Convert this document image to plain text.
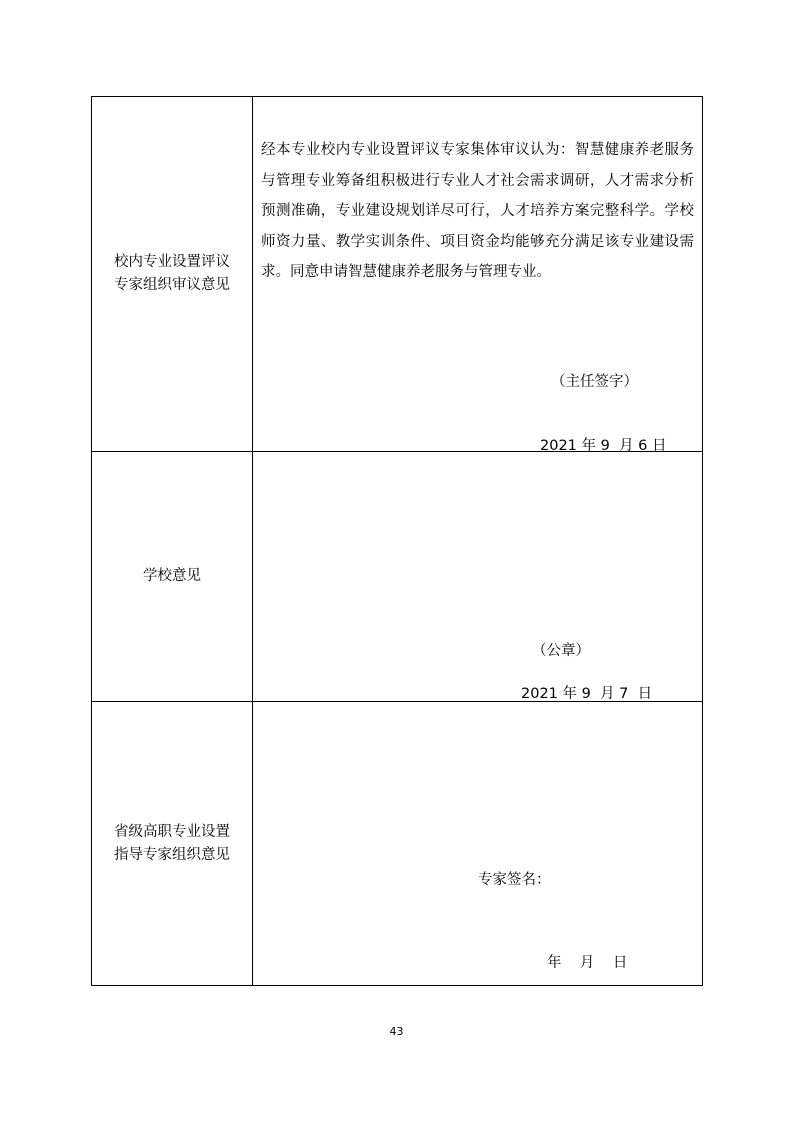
校内专业设置评议专家组织审议意见	经本专业校内专业设置评议专家集体审议认为：智慧健康养老服务与管理专业筹备组积极进行专业人才社会需求调研，人才需求分析预测准确，专业建设规划详尽可行，人才培养方案完整科学。学校师资力量、教学实训条件、项目资金均能够充分满足该专业建设需求。同意申请智慧健康养老服务与管理专业。

（主任签字）
2021 年 9  月 6 日

学校意见	（公章）
2021 年 9  月 7  日

省级高职专业设置指导专家组织意见	专家签名：
年    月    日
43
